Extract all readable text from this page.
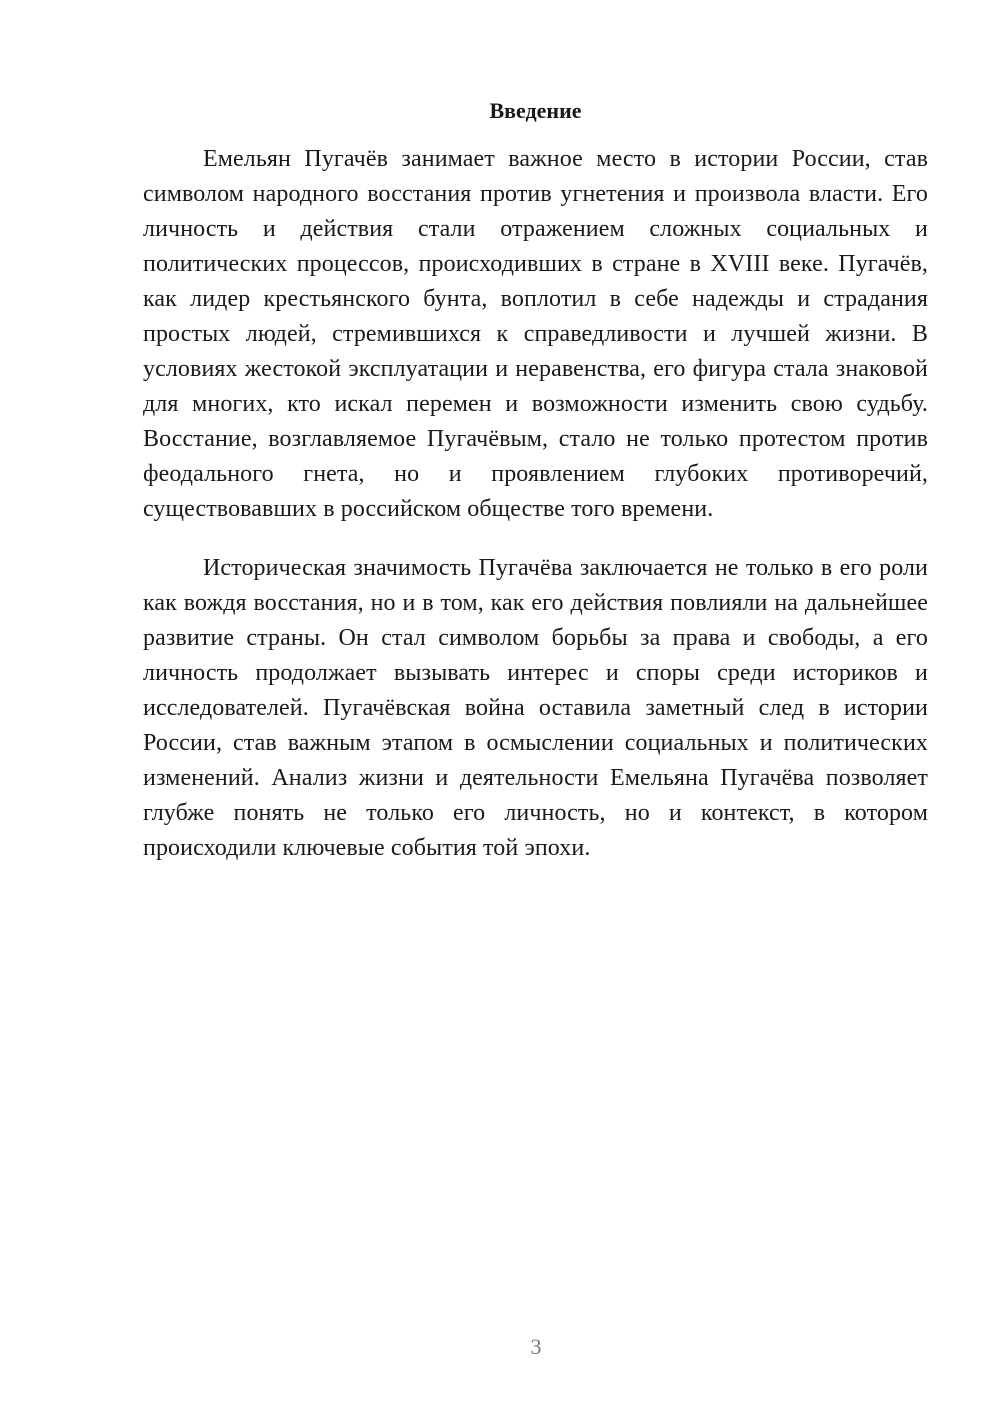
Введение

Емельян Пугачёв занимает важное место в истории России, став символом народного восстания против угнетения и произвола власти. Его личность и действия стали отражением сложных социальных и политических процессов, происходивших в стране в XVIII веке. Пугачёв, как лидер крестьянского бунта, воплотил в себе надежды и страдания простых людей, стремившихся к справедливости и лучшей жизни. В условиях жестокой эксплуатации и неравенства, его фигура стала знаковой для многих, кто искал перемен и возможности изменить свою судьбу. Восстание, возглавляемое Пугачёвым, стало не только протестом против феодального гнета, но и проявлением глубоких противоречий, существовавших в российском обществе того времени.

Историческая значимость Пугачёва заключается не только в его роли как вождя восстания, но и в том, как его действия повлияли на дальнейшее развитие страны. Он стал символом борьбы за права и свободы, а его личность продолжает вызывать интерес и споры среди историков и исследователей. Пугачёвская война оставила заметный след в истории России, став важным этапом в осмыслении социальных и политических изменений. Анализ жизни и деятельности Емельяна Пугачёва позволяет глубже понять не только его личность, но и контекст, в котором происходили ключевые события той эпохи.

3
